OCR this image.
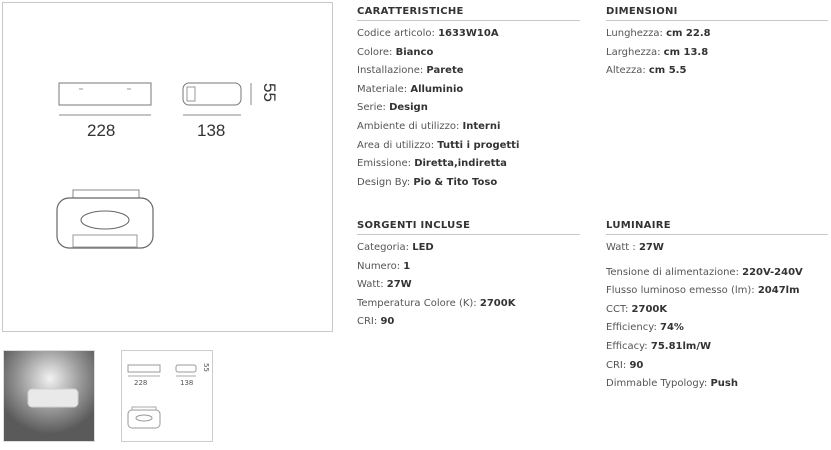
228	138
55
228	138
55
CARATTERISTICHE
Codice articolo: 1633W10A
Colore: Bianco
Installazione: Parete
Materiale: Alluminio
Serie: Design
Ambiente di utilizzo: Interni
Area di utilizzo: Tutti i progetti
Emissione: Diretta,indiretta
Design By: Pio & Tito Toso
DIMENSIONI
Lunghezza: cm 22.8
Larghezza: cm 13.8
Altezza: cm 5.5
SORGENTI INCLUSE
Categoria: LED
Numero: 1
Watt: 27W
Temperatura Colore (K): 2700K
CRI: 90
LUMINAIRE
Watt : 27W
Tensione di alimentazione: 220V-240V
Flusso luminoso emesso (lm): 2047lm
CCT: 2700K
Efficiency: 74%
Efficacy: 75.81lm/W
CRI: 90
Dimmable Typology: Push
